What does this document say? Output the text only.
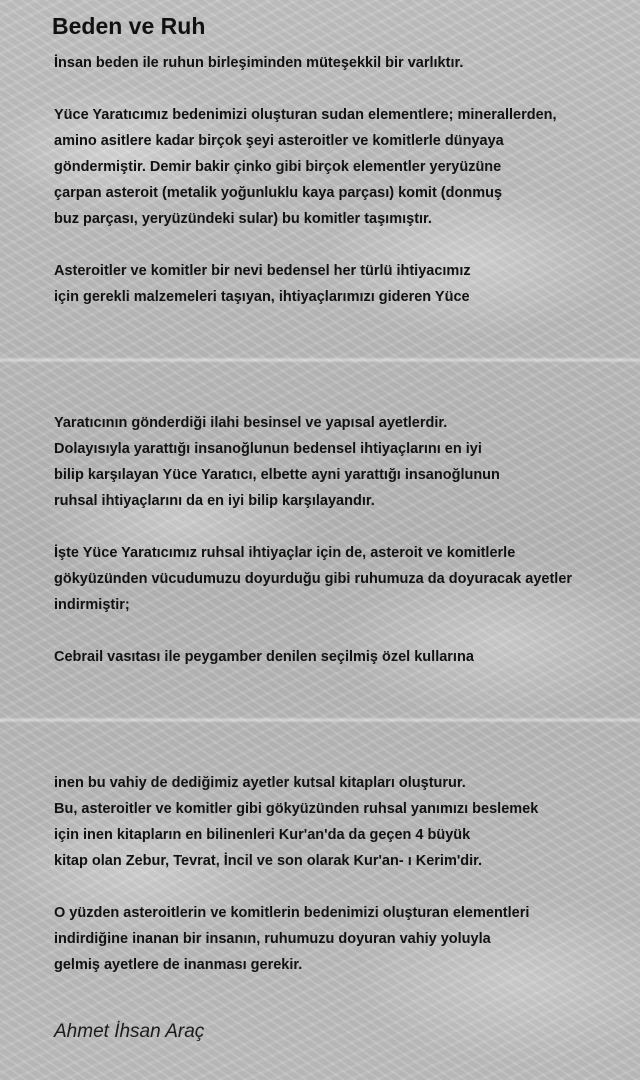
Beden ve Ruh

İnsan beden ile ruhun birleşiminden müteşekkil bir varlıktır.

Yüce Yaratıcımız bedenimizi oluşturan sudan elementlere; minerallerden,

amino asitlere kadar birçok şeyi asteroitler ve komitlerle dünyaya

göndermiştir. Demir bakir çinko gibi birçok elementler yeryüzüne

çarpan asteroit (metalik yoğunluklu kaya parçası) komit (donmuş

buz parçası, yeryüzündeki sular) bu komitler taşımıştır.

Asteroitler ve komitler bir nevi bedensel her türlü ihtiyacımız

için gerekli malzemeleri taşıyan, ihtiyaçlarımızı gideren Yüce

Yaratıcının gönderdiği ilahi besinsel ve yapısal ayetlerdir.

Dolayısıyla yarattığı insanoğlunun bedensel ihtiyaçlarını en iyi

bilip karşılayan Yüce Yaratıcı, elbette ayni yarattığı insanoğlunun

ruhsal ihtiyaçlarını da en iyi bilip karşılayandır.

İşte Yüce Yaratıcımız ruhsal ihtiyaçlar için de, asteroit ve komitlerle

gökyüzünden vücudumuzu doyurduğu gibi ruhumuza da doyuracak ayetler

indirmiştir;

Cebrail vasıtası ile peygamber denilen seçilmiş özel kullarına

inen bu vahiy de dediğimiz ayetler kutsal kitapları oluşturur.

Bu, asteroitler ve komitler gibi gökyüzünden ruhsal yanımızı beslemek

için inen kitapların en bilinenleri Kur'an'da da geçen 4 büyük

kitap olan Zebur, Tevrat, İncil ve son olarak Kur'an- ı Kerim'dir.

O yüzden asteroitlerin ve komitlerin bedenimizi oluşturan elementleri

indirdiğine inanan bir insanın, ruhumuzu doyuran vahiy yoluyla

gelmiş ayetlere de inanması gerekir.

Ahmet İhsan Araç
